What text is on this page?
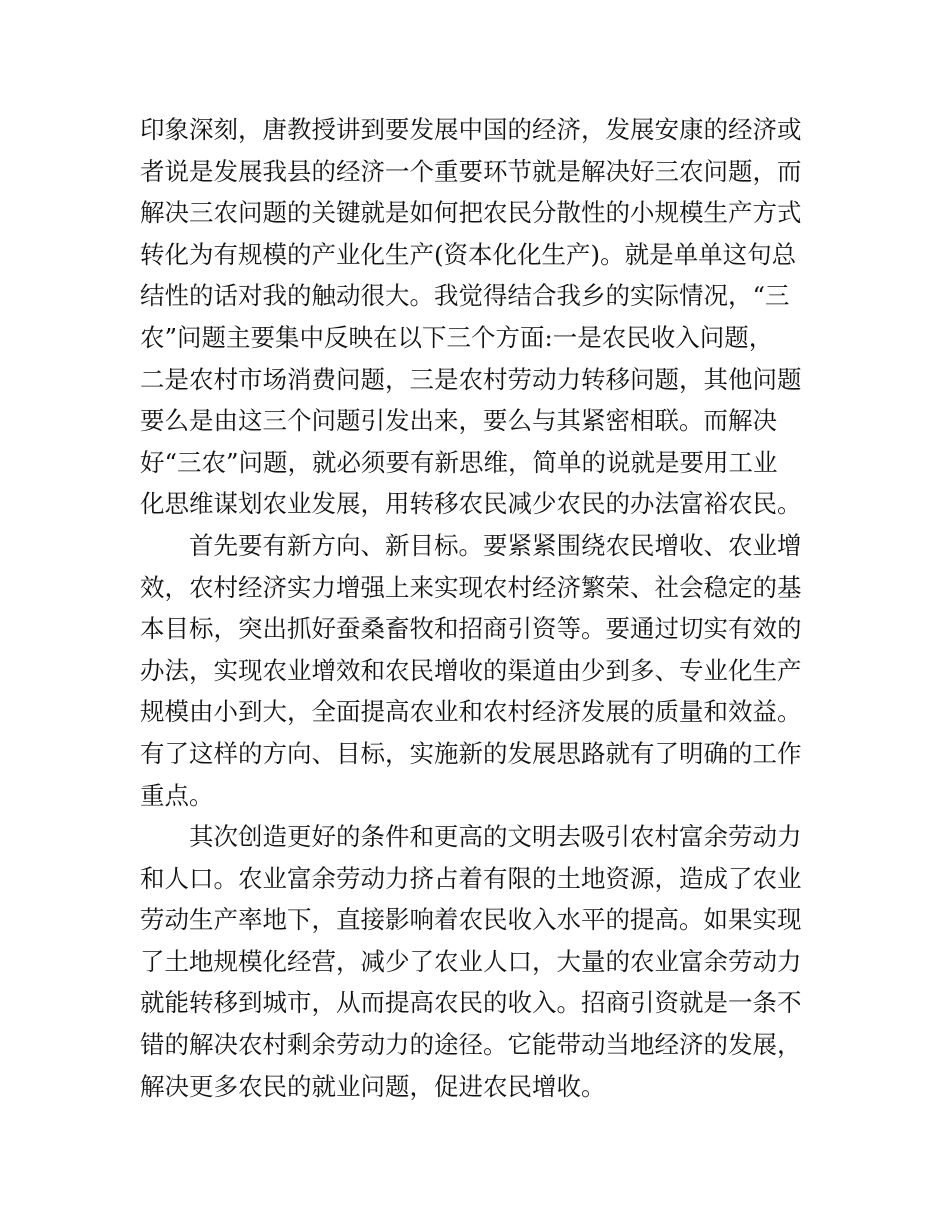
印象深刻，唐教授讲到要发展中国的经济，发展安康的经济或
者说是发展我县的经济一个重要环节就是解决好三农问题，而
解决三农问题的关键就是如何把农民分散性的小规模生产方式
转化为有规模的产业化生产(资本化化生产)。就是单单这句总
结性的话对我的触动很大。我觉得结合我乡的实际情况，“三
农”问题主要集中反映在以下三个方面:一是农民收入问题，
二是农村市场消费问题，三是农村劳动力转移问题，其他问题
要么是由这三个问题引发出来，要么与其紧密相联。而解决
好“三农”问题，就必须要有新思维，简单的说就是要用工业
化思维谋划农业发展，用转移农民减少农民的办法富裕农民。
首先要有新方向、新目标。要紧紧围绕农民增收、农业增
效，农村经济实力增强上来实现农村经济繁荣、社会稳定的基
本目标，突出抓好蚕桑畜牧和招商引资等。要通过切实有效的
办法，实现农业增效和农民增收的渠道由少到多、专业化生产
规模由小到大，全面提高农业和农村经济发展的质量和效益。
有了这样的方向、目标，实施新的发展思路就有了明确的工作
重点。
其次创造更好的条件和更高的文明去吸引农村富余劳动力
和人口。农业富余劳动力挤占着有限的土地资源，造成了农业
劳动生产率地下，直接影响着农民收入水平的提高。如果实现
了土地规模化经营，减少了农业人口，大量的农业富余劳动力
就能转移到城市，从而提高农民的收入。招商引资就是一条不
错的解决农村剩余劳动力的途径。它能带动当地经济的发展，
解决更多农民的就业问题，促进农民增收。
